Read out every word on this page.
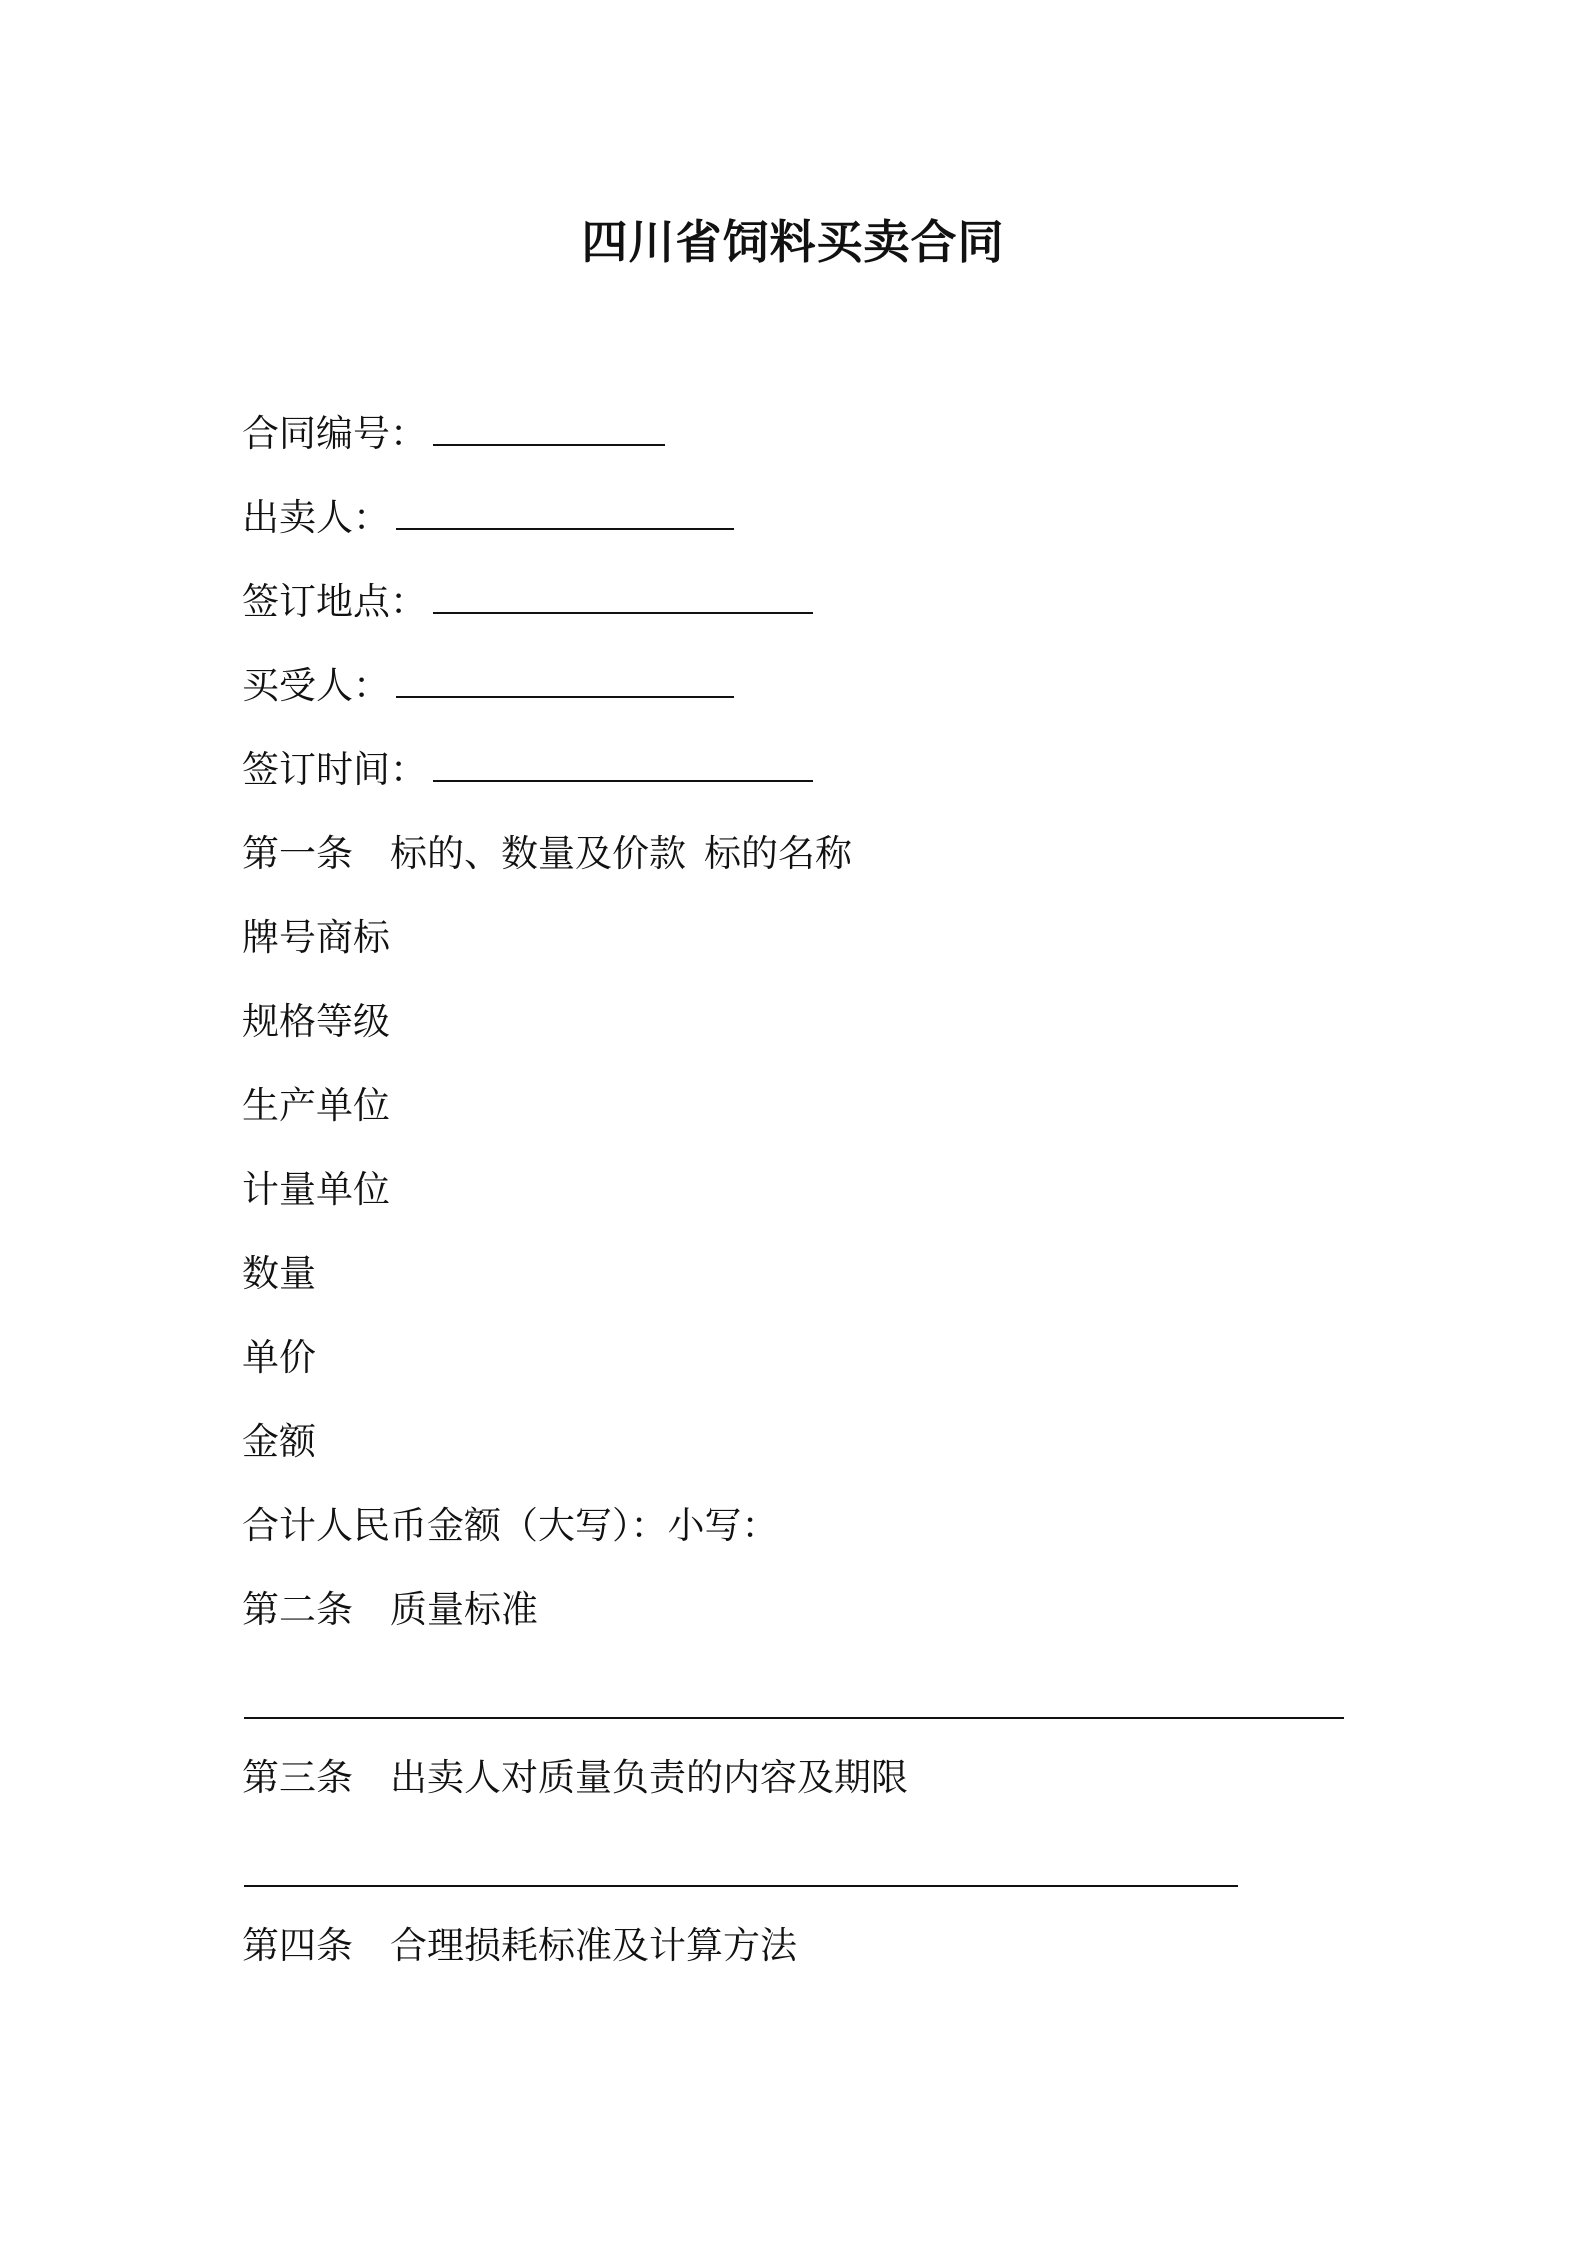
四川省饲料买卖合同
合同编号：
出卖人：
签订地点：
买受人：
签订时间：
第一条　标的、数量及价款 标的名称
牌号商标
规格等级
生产单位
计量单位
数量
单价
金额
合计人民币金额（大写）：小写：
第二条　质量标准
第三条　出卖人对质量负责的内容及期限
第四条　合理损耗标准及计算方法
